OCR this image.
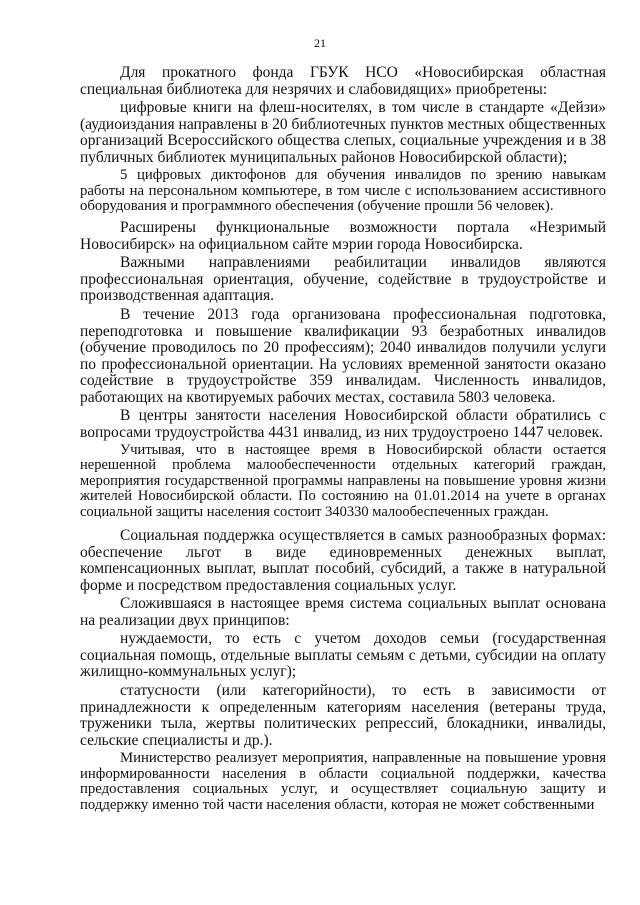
21

Для прокатного фонда ГБУК НСО «Новосибирская областная специальная библиотека для незрячих и слабовидящих» приобретены:

цифровые книги на флеш-носителях, в том числе в стандарте «Дейзи» (аудиоиздания направлены в 20 библиотечных пунктов местных общественных организаций Всероссийского общества слепых, социальные учреждения и в 38 публичных библиотек муниципальных районов Новосибирской области);

5 цифровых диктофонов для обучения инвалидов по зрению навыкам работы на персональном компьютере, в том числе с использованием ассистивного оборудования и программного обеспечения (обучение прошли 56 человек).

Расширены функциональные возможности портала «Незримый Новосибирск» на официальном сайте мэрии города Новосибирска.

Важными направлениями реабилитации инвалидов являются профессиональная ориентация, обучение, содействие в трудоустройстве и производственная адаптация.

В течение 2013 года организована профессиональная подготовка, переподготовка и повышение квалификации 93 безработных инвалидов (обучение проводилось по 20 профессиям); 2040 инвалидов получили услуги по профессиональной ориентации. На условиях временной занятости оказано содействие в трудоустройстве 359 инвалидам. Численность инвалидов, работающих на квотируемых рабочих местах, составила 5803 человека.

В центры занятости населения Новосибирской области обратились с вопросами трудоустройства 4431 инвалид, из них трудоустроено 1447 человек.

Учитывая, что в настоящее время в Новосибирской области остается нерешенной проблема малообеспеченности отдельных категорий граждан, мероприятия государственной программы направлены на повышение уровня жизни жителей Новосибирской области. По состоянию на 01.01.2014 на учете в органах социальной защиты населения состоит 340330 малообеспеченных граждан.

Социальная поддержка осуществляется в самых разнообразных формах: обеспечение льгот в виде единовременных денежных выплат, компенсационных выплат, выплат пособий, субсидий, а также в натуральной форме и посредством предоставления социальных услуг.

Сложившаяся в настоящее время система социальных выплат основана на реализации двух принципов:

нуждаемости, то есть с учетом доходов семьи (государственная социальная помощь, отдельные выплаты семьям с детьми, субсидии на оплату жилищно-коммунальных услуг);

статусности (или категорийности), то есть в зависимости от принадлежности к определенным категориям населения (ветераны труда, труженики тыла, жертвы политических репрессий, блокадники, инвалиды, сельские специалисты и др.).

Министерство реализует мероприятия, направленные на повышение уровня информированности населения в области социальной поддержки, качества предоставления социальных услуг, и осуществляет социальную защиту и поддержку именно той части населения области, которая не может собственными
